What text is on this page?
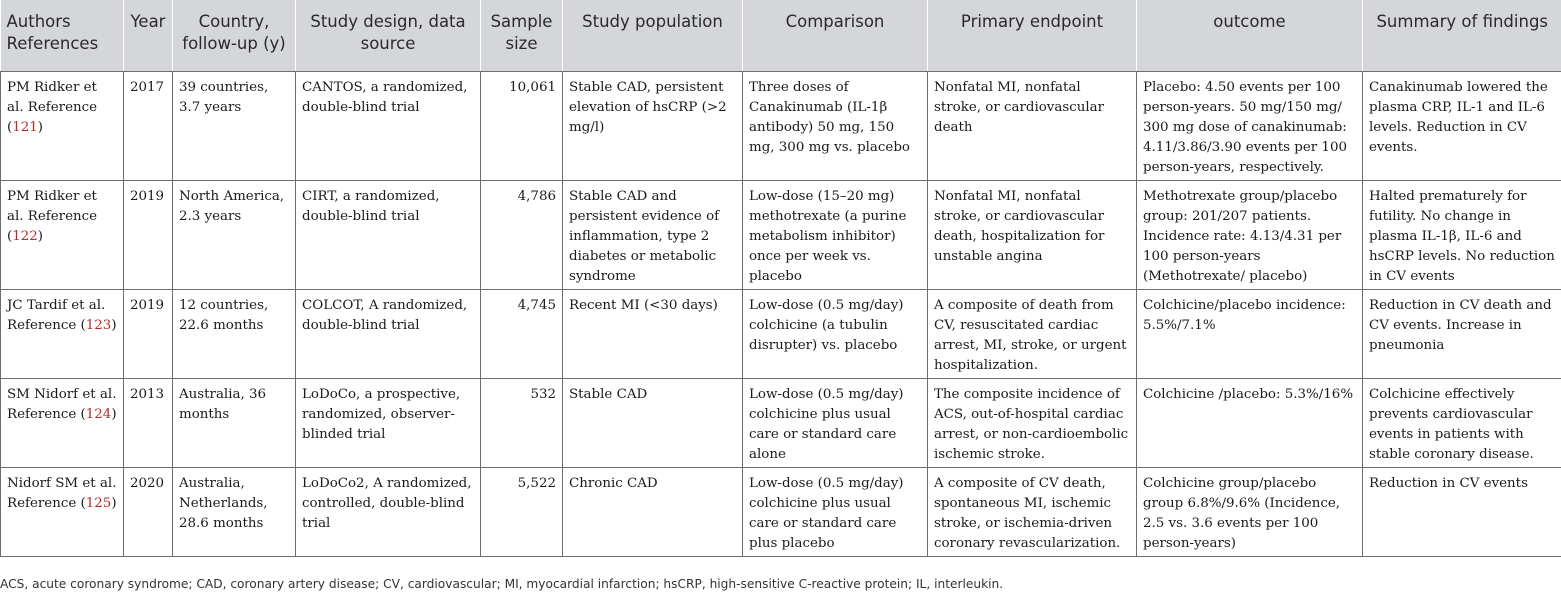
Authors References	Year	Country, follow-up (y)	Study design, data source	Sample size	Study population	Comparison	Primary endpoint	outcome	Summary of findings
PM Ridker et al. Reference (121)	2017	39 countries, 3.7 years	CANTOS, a randomized, double-blind trial	10,061	Stable CAD, persistent elevation of hsCRP (>2 mg/l)	Three doses of Canakinumab (IL-1β antibody) 50 mg, 150 mg, 300 mg vs. placebo	Nonfatal MI, nonfatal stroke, or cardiovascular death	Placebo: 4.50 events per 100 person-years. 50 mg/150 mg/ 300 mg dose of canakinumab: 4.11/3.86/3.90 events per 100 person-years, respectively.	Canakinumab lowered the plasma CRP, IL-1 and IL-6 levels. Reduction in CV events.
PM Ridker et al. Reference (122)	2019	North America, 2.3 years	CIRT, a randomized, double-blind trial	4,786	Stable CAD and persistent evidence of inflammation, type 2 diabetes or metabolic syndrome	Low-dose (15–20 mg) methotrexate (a purine metabolism inhibitor) once per week vs. placebo	Nonfatal MI, nonfatal stroke, or cardiovascular death, hospitalization for unstable angina	Methotrexate group/placebo group: 201/207 patients. Incidence rate: 4.13/4.31 per 100 person-years (Methotrexate/ placebo)	Halted prematurely for futility. No change in plasma IL-1β, IL-6 and hsCRP levels. No reduction in CV events
JC Tardif et al. Reference (123)	2019	12 countries, 22.6 months	COLCOT, A randomized, double-blind trial	4,745	Recent MI (<30 days)	Low-dose (0.5 mg/day) colchicine (a tubulin disrupter) vs. placebo	A composite of death from CV, resuscitated cardiac arrest, MI, stroke, or urgent hospitalization.	Colchicine/placebo incidence: 5.5%/7.1%	Reduction in CV death and CV events. Increase in pneumonia
SM Nidorf et al. Reference (124)	2013	Australia, 36 months	LoDoCo, a prospective, randomized, observer-blinded trial	532	Stable CAD	Low-dose (0.5 mg/day) colchicine plus usual care or standard care alone	The composite incidence of ACS, out-of-hospital cardiac arrest, or non-cardioembolic ischemic stroke.	Colchicine /placebo: 5.3%/16%	Colchicine effectively prevents cardiovascular events in patients with stable coronary disease.
Nidorf SM et al. Reference (125)	2020	Australia, Netherlands, 28.6 months	LoDoCo2, A randomized, controlled, double-blind trial	5,522	Chronic CAD	Low-dose (0.5 mg/day) colchicine plus usual care or standard care plus placebo	A composite of CV death, spontaneous MI, ischemic stroke, or ischemia-driven coronary revascularization.	Colchicine group/placebo group 6.8%/9.6% (Incidence, 2.5 vs. 3.6 events per 100 person-years)	Reduction in CV events
ACS, acute coronary syndrome; CAD, coronary artery disease; CV, cardiovascular; MI, myocardial infarction; hsCRP, high-sensitive C-reactive protein; IL, interleukin.
